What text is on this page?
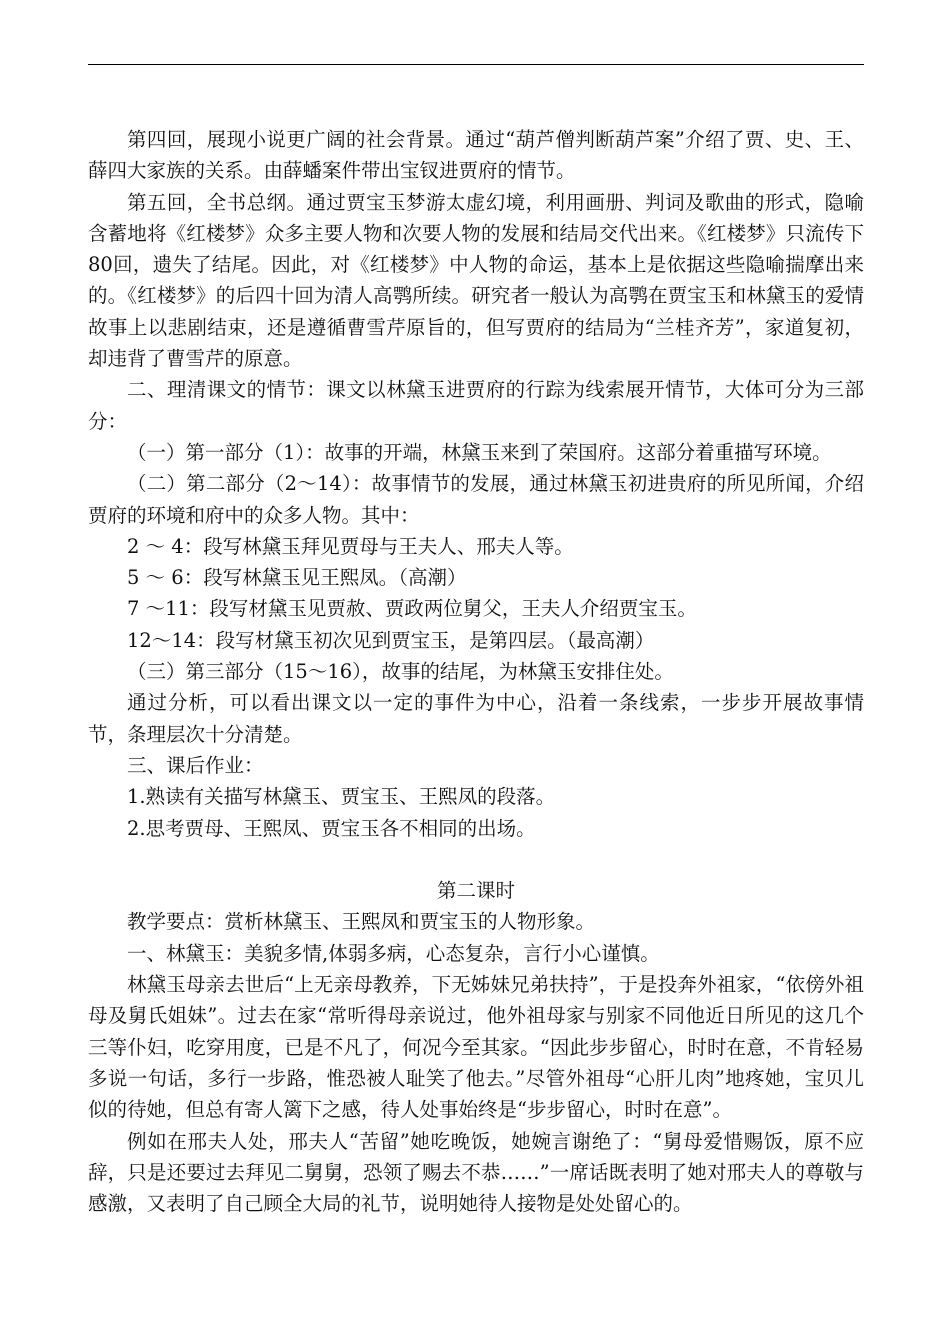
第四回，展现小说更广阔的社会背景。通过“葫芦僧判断葫芦案”介绍了贾、史、王、薛四大家族的关系。由薛蟠案件带出宝钗进贾府的情节。

第五回，全书总纲。通过贾宝玉梦游太虚幻境，利用画册、判词及歌曲的形式，隐喻含蓄地将《红楼梦》众多主要人物和次要人物的发展和结局交代出来。《红楼梦》只流传下80回，遗失了结尾。因此，对《红楼梦》中人物的命运，基本上是依据这些隐喻揣摩出来的。《红楼梦》的后四十回为清人高鹗所续。研究者一般认为高鹗在贾宝玉和林黛玉的爱情故事上以悲剧结束，还是遵循曹雪芹原旨的，但写贾府的结局为“兰桂齐芳”，家道复初，却违背了曹雪芹的原意。

二、理清课文的情节：课文以林黛玉进贾府的行踪为线索展开情节，大体可分为三部分：

（一）第一部分（1）：故事的开端，林黛玉来到了荣国府。这部分着重描写环境。

（二）第二部分（2～14）：故事情节的发展，通过林黛玉初进贵府的所见所闻，介绍贾府的环境和府中的众多人物。其中：

2 ～ 4：段写林黛玉拜见贾母与王夫人、邢夫人等。

5 ～ 6：段写林黛玉见王熙凤。（高潮）

7 ～11：段写材黛玉见贾赦、贾政两位舅父，王夫人介绍贾宝玉。

12～14：段写材黛玉初次见到贾宝玉，是第四层。（最高潮）

（三）第三部分（15～16），故事的结尾，为林黛玉安排住处。

通过分析，可以看出课文以一定的事件为中心，沿着一条线索，一步步开展故事情节，条理层次十分清楚。

三、课后作业：

1.熟读有关描写林黛玉、贾宝玉、王熙凤的段落。

2.思考贾母、王熙凤、贾宝玉各不相同的出场。

第二课时

教学要点：赏析林黛玉、王熙凤和贾宝玉的人物形象。

一、林黛玉：美貌多情,体弱多病，心态复杂，言行小心谨慎。

林黛玉母亲去世后“上无亲母教养，下无姊妹兄弟扶持”，于是投奔外祖家，“依傍外祖母及舅氏姐妹”。过去在家“常听得母亲说过，他外祖母家与别家不同他近日所见的这几个三等仆妇，吃穿用度，已是不凡了，何况今至其家。“因此步步留心，时时在意，不肯轻易多说一句话，多行一步路，惟恐被人耻笑了他去。”尽管外祖母“心肝儿肉”地疼她，宝贝儿似的待她，但总有寄人篱下之感，待人处事始终是“步步留心，时时在意”。

例如在邢夫人处，邢夫人“苦留”她吃晚饭，她婉言谢绝了：“舅母爱惜赐饭，原不应辞，只是还要过去拜见二舅舅，恐领了赐去不恭……”一席话既表明了她对邢夫人的尊敬与感激，又表明了自己顾全大局的礼节，说明她待人接物是处处留心的。
